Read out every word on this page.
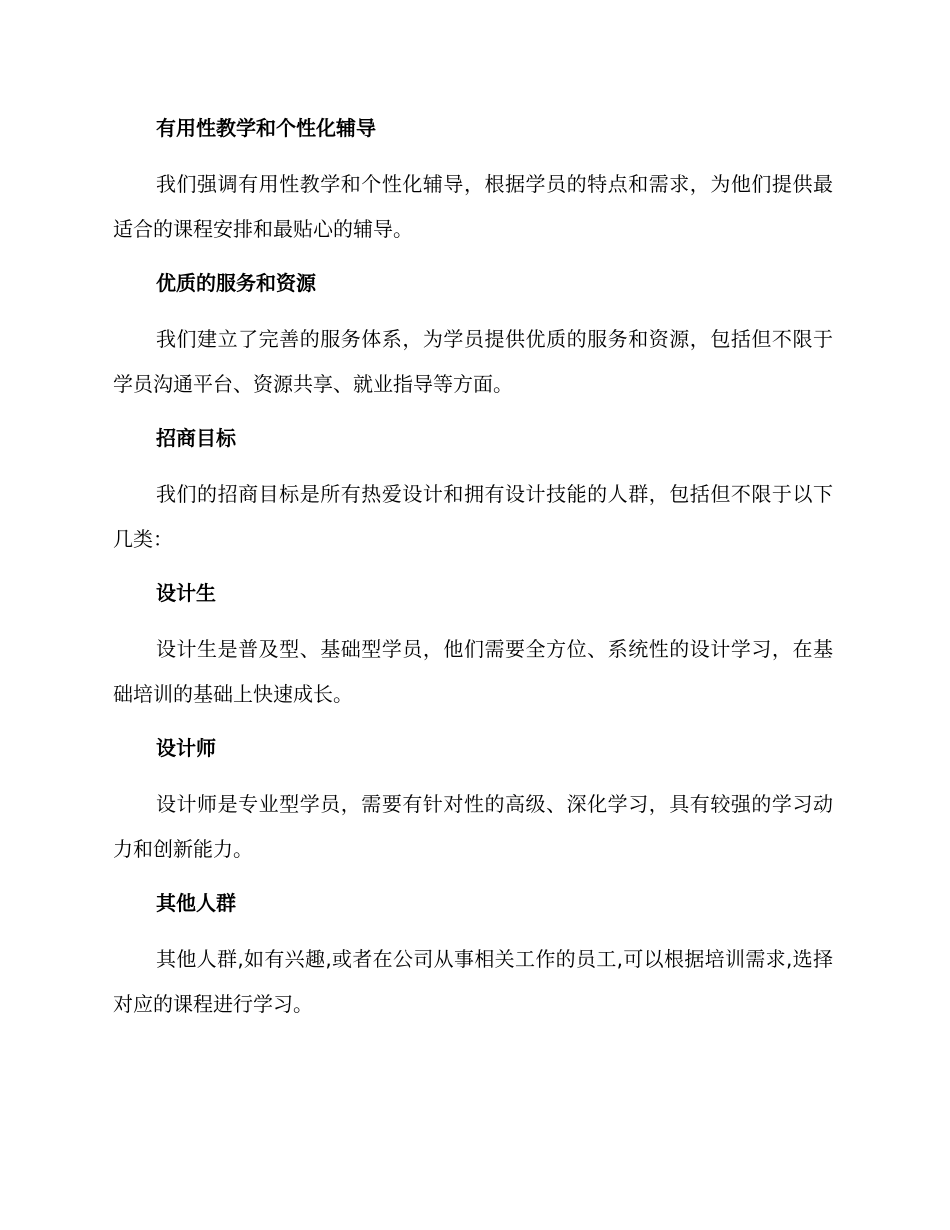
有用性教学和个性化辅导

我们强调有用性教学和个性化辅导，根据学员的特点和需求，为他们提供最适合的课程安排和最贴心的辅导。

优质的服务和资源

我们建立了完善的服务体系，为学员提供优质的服务和资源，包括但不限于学员沟通平台、资源共享、就业指导等方面。

招商目标

我们的招商目标是所有热爱设计和拥有设计技能的人群，包括但不限于以下几类：

设计生

设计生是普及型、基础型学员，他们需要全方位、系统性的设计学习，在基础培训的基础上快速成长。

设计师

设计师是专业型学员，需要有针对性的高级、深化学习，具有较强的学习动力和创新能力。

其他人群

其他人群,如有兴趣,或者在公司从事相关工作的员工,可以根据培训需求,选择对应的课程进行学习。
